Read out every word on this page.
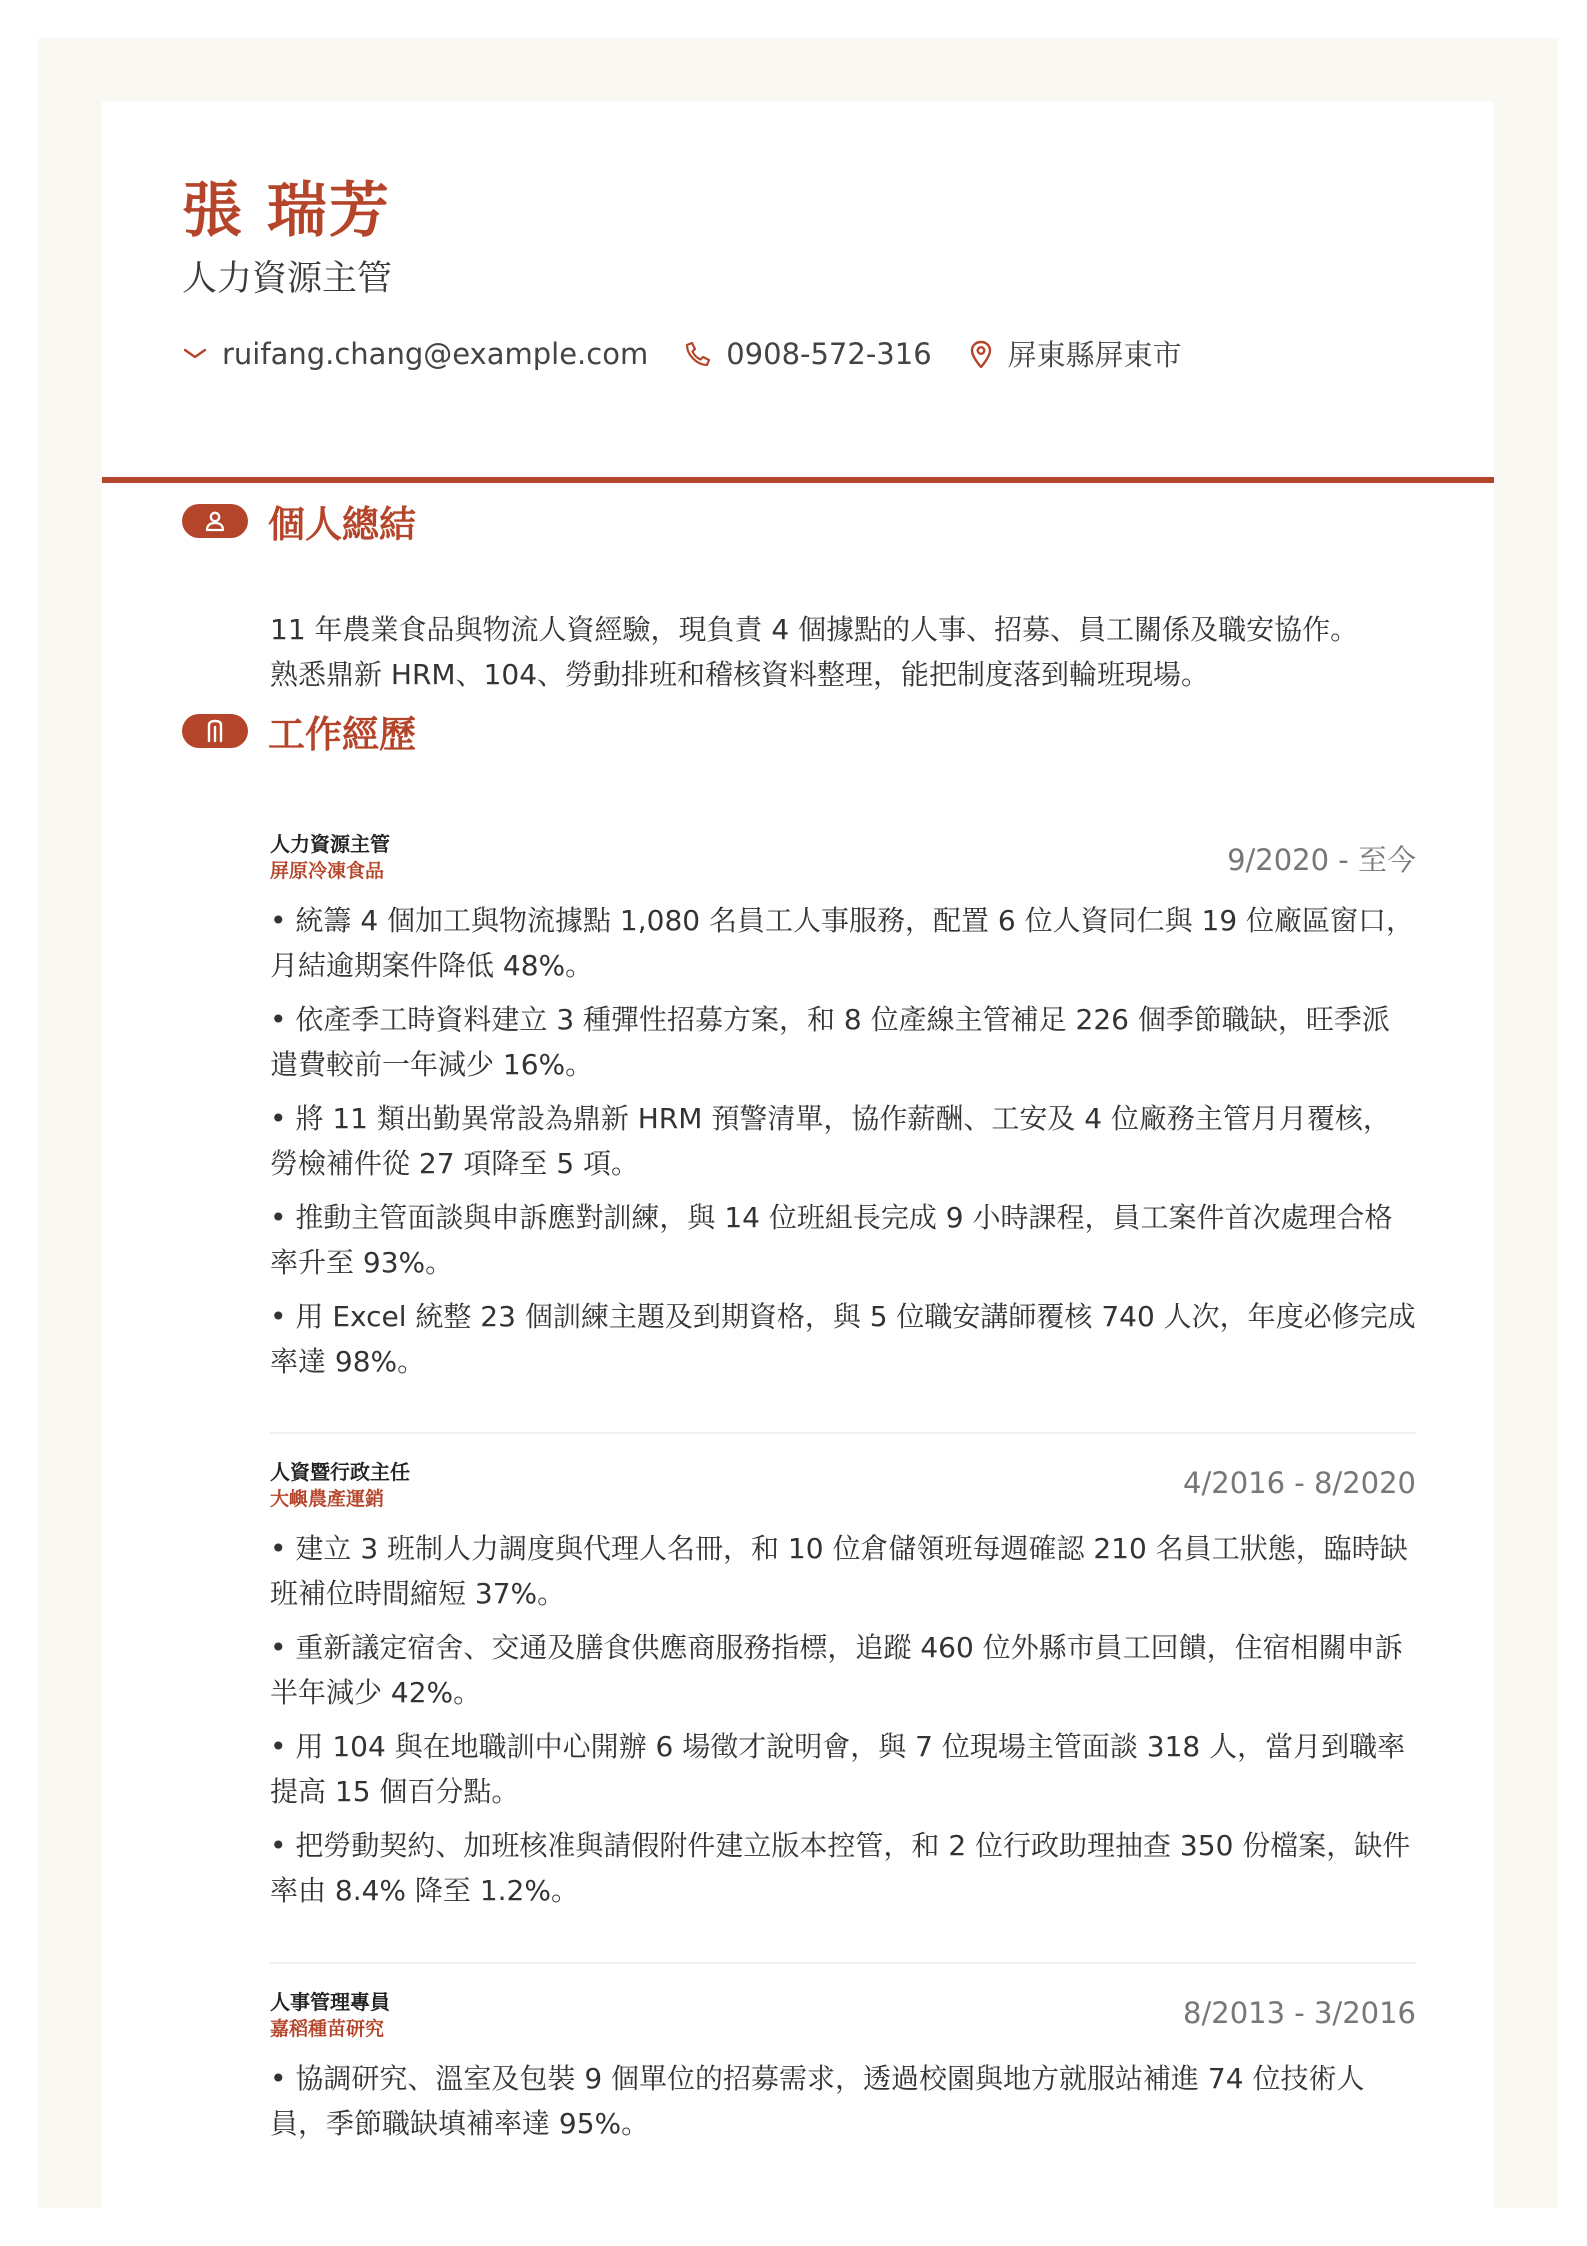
張 瑞芳

人力資源主管

ruifang.chang@example.com	0908-572-316	屏東縣屏東市
個人總結

11 年農業食品與物流人資經驗，現負責 4 個據點的人事、招募、員工關係及職安協作。熟悉鼎新 HRM、104、勞動排班和稽核資料整理，能把制度落到輪班現場。

工作經歷
人力資源主管
屏原冷凍食品	9/2020 - 至今
• 統籌 4 個加工與物流據點 1,080 名員工人事服務，配置 6 位人資同仁與 19 位廠區窗口，月結逾期案件降低 48%。
• 依產季工時資料建立 3 種彈性招募方案，和 8 位產線主管補足 226 個季節職缺，旺季派遣費較前一年減少 16%。
• 將 11 類出勤異常設為鼎新 HRM 預警清單，協作薪酬、工安及 4 位廠務主管月月覆核，勞檢補件從 27 項降至 5 項。
• 推動主管面談與申訴應對訓練，與 14 位班組長完成 9 小時課程，員工案件首次處理合格率升至 93%。
• 用 Excel 統整 23 個訓練主題及到期資格，與 5 位職安講師覆核 740 人次，年度必修完成率達 98%。
人資暨行政主任
大嶼農產運銷	4/2016 - 8/2020
• 建立 3 班制人力調度與代理人名冊，和 10 位倉儲領班每週確認 210 名員工狀態，臨時缺班補位時間縮短 37%。
• 重新議定宿舍、交通及膳食供應商服務指標，追蹤 460 位外縣市員工回饋，住宿相關申訴半年減少 42%。
• 用 104 與在地職訓中心開辦 6 場徵才說明會，與 7 位現場主管面談 318 人，當月到職率提高 15 個百分點。
• 把勞動契約、加班核准與請假附件建立版本控管，和 2 位行政助理抽查 350 份檔案，缺件率由 8.4% 降至 1.2%。
人事管理專員
嘉稻種苗研究	8/2013 - 3/2016
• 協調研究、溫室及包裝 9 個單位的招募需求，透過校園與地方就服站補進 74 位技術人員，季節職缺填補率達 95%。
